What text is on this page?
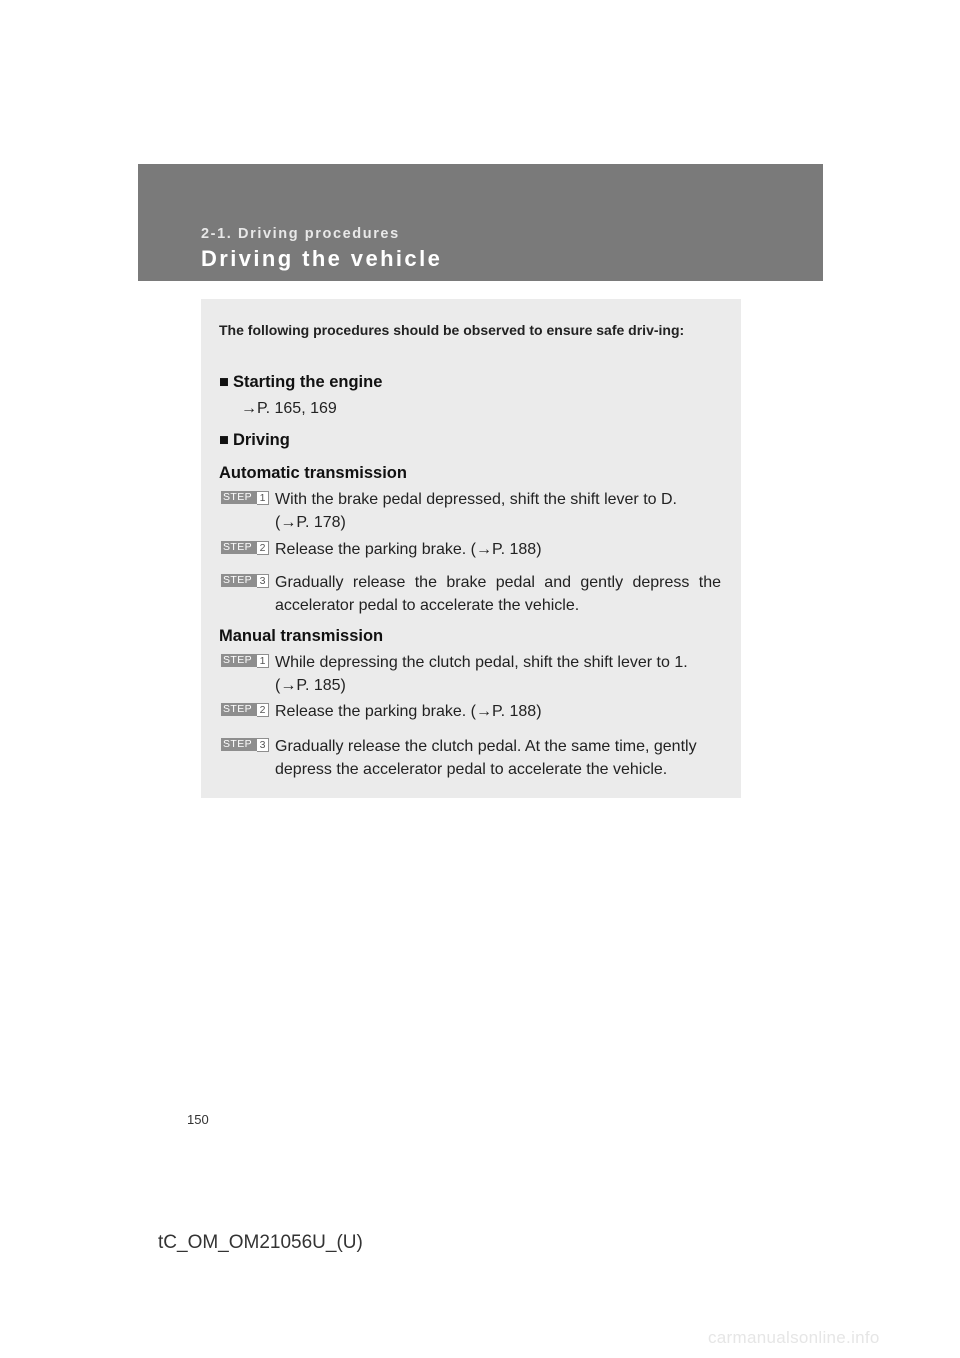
2-1. Driving procedures
Driving the vehicle
The following procedures should be observed to ensure safe driv-ing:
■ Starting the engine
→P. 165, 169
■ Driving
Automatic transmission
STEP 1 With the brake pedal depressed, shift the shift lever to D.
(→P. 178)
STEP 2 Release the parking brake. (→P. 188)
STEP 3 Gradually release the brake pedal and gently depress the
accelerator pedal to accelerate the vehicle.
Manual transmission
STEP 1 While depressing the clutch pedal, shift the shift lever to 1.
(→P. 185)
STEP 2 Release the parking brake. (→P. 188)
STEP 3 Gradually release the clutch pedal. At the same time, gently
depress the accelerator pedal to accelerate the vehicle.
150
tC_OM_OM21056U_(U)
carmanualsonline.info
